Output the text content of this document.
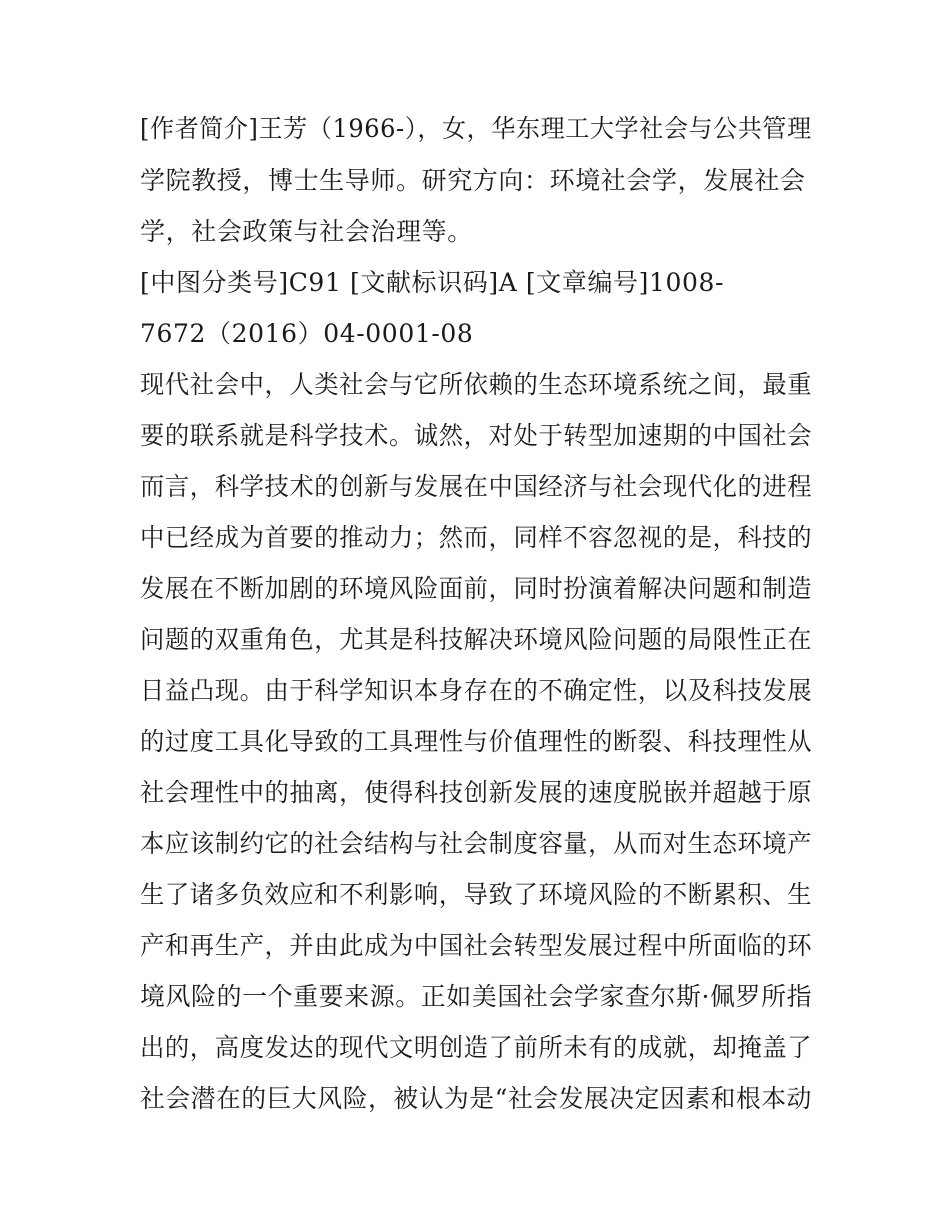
[作者简介]王芳（1966-），女，华东理工大学社会与公共管理
学院教授，博士生导师。研究方向：环境社会学，发展社会
学，社会政策与社会治理等。
[中图分类号]C91 [文献标识码]A [文章编号]1008-
7672（2016）04-0001-08
现代社会中，人类社会与它所依赖的生态环境系统之间，最重
要的联系就是科学技术。诚然，对处于转型加速期的中国社会
而言，科学技术的创新与发展在中国经济与社会现代化的进程
中已经成为首要的推动力；然而，同样不容忽视的是，科技的
发展在不断加剧的环境风险面前，同时扮演着解决问题和制造
问题的双重角色，尤其是科技解决环境风险问题的局限性正在
日益凸现。由于科学知识本身存在的不确定性，以及科技发展
的过度工具化导致的工具理性与价值理性的断裂、科技理性从
社会理性中的抽离，使得科技创新发展的速度脱嵌并超越于原
本应该制约它的社会结构与社会制度容量，从而对生态环境产
生了诸多负效应和不利影响，导致了环境风险的不断累积、生
产和再生产，并由此成为中国社会转型发展过程中所面临的环
境风险的一个重要来源。正如美国社会学家查尔斯·佩罗所指
出的，高度发达的现代文明创造了前所未有的成就，却掩盖了
社会潜在的巨大风险，被认为是“社会发展决定因素和根本动
